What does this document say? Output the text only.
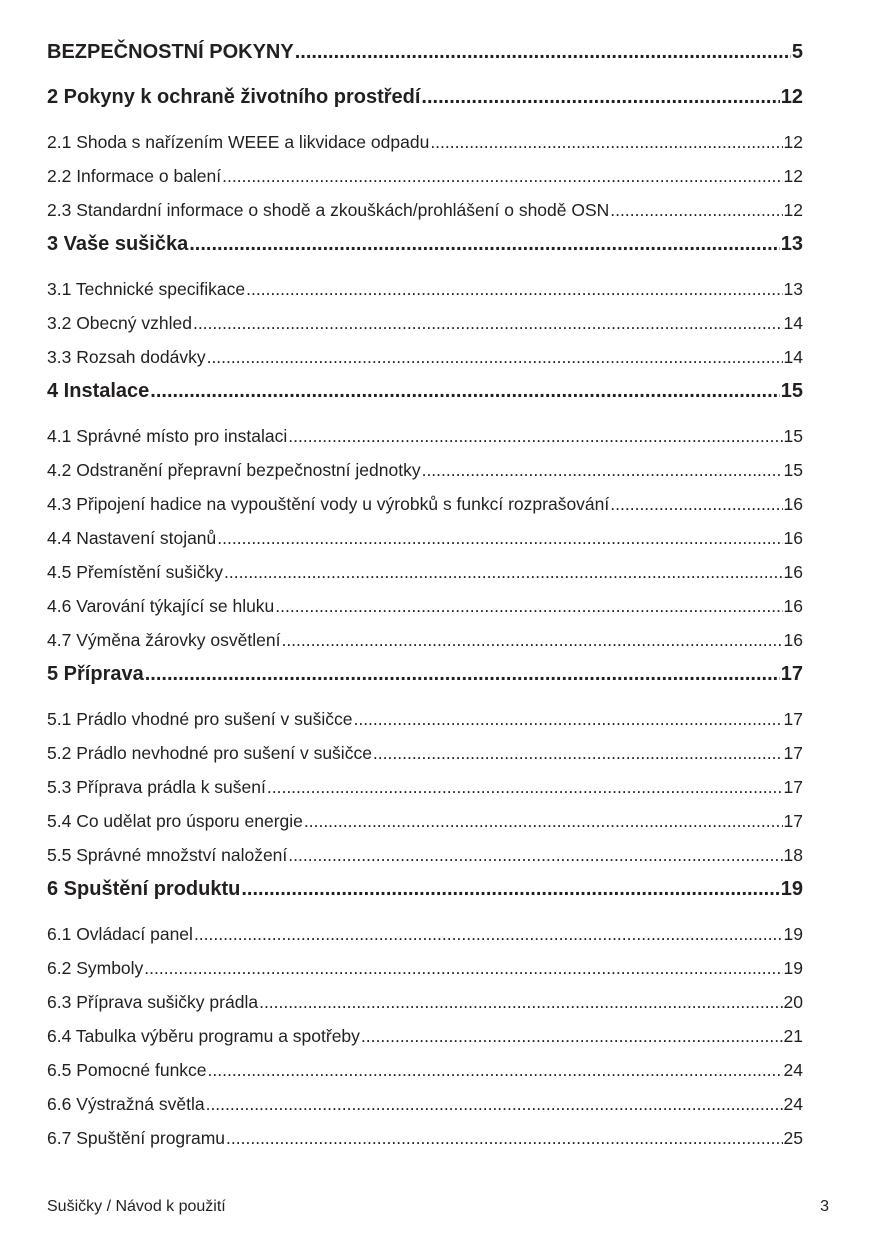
BEZPEČNOSTNÍ POKYNY .....	5
2 Pokyny k ochraně životního prostředí .....	12
2.1 Shoda s nařízením WEEE a likvidace odpadu .....	12
2.2 Informace o balení .....	12
2.3 Standardní informace o shodě a zkouškách/prohlášení o shodě OSN .....	12
3 Vaše sušička .....	13
3.1 Technické specifikace .....	13
3.2 Obecný vzhled .....	14
3.3 Rozsah dodávky .....	14
4 Instalace .....	15
4.1 Správné místo pro instalaci .....	15
4.2 Odstranění přepravní bezpečnostní jednotky .....	15
4.3 Připojení hadice na vypouštění vody u výrobků s funkcí rozprašování .....	16
4.4 Nastavení stojanů .....	16
4.5 Přemístění sušičky .....	16
4.6 Varování týkající se hluku .....	16
4.7 Výměna žárovky osvětlení .....	16
5 Příprava .....	17
5.1 Prádlo vhodné pro sušení v sušičce .....	17
5.2 Prádlo nevhodné pro sušení v sušičce .....	17
5.3 Příprava prádla k sušení .....	17
5.4 Co udělat pro úsporu energie .....	17
5.5 Správné množství naložení .....	18
6 Spuštění produktu .....	19
6.1 Ovládací panel .....	19
6.2 Symboly .....	19
6.3 Příprava sušičky prádla .....	20
6.4 Tabulka výběru programu a spotřeby .....	21
6.5 Pomocné funkce .....	24
6.6 Výstražná světla .....	24
6.7 Spuštění programu .....	25
Sušičky / Návod k použití	3
